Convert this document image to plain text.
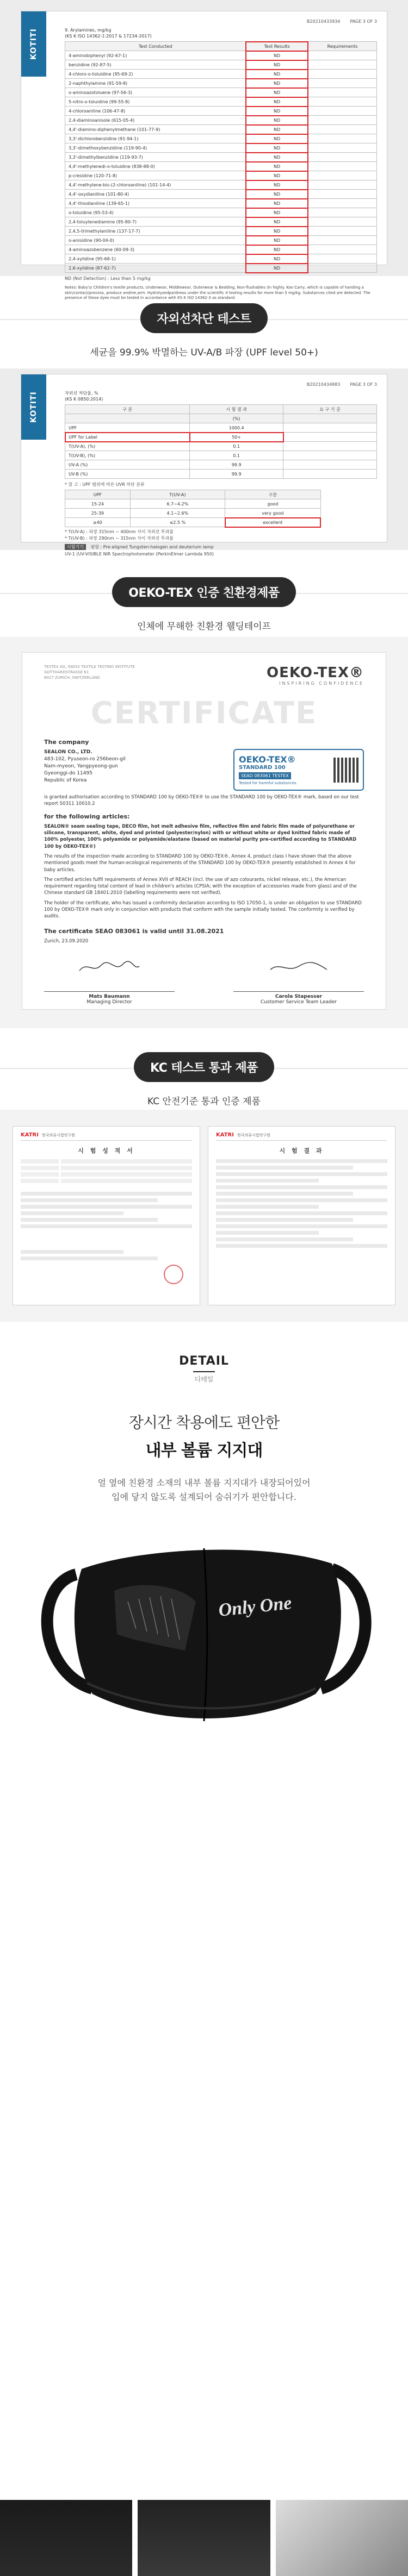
KOTITI
B20210433934 PAGE 3 OF 3
9. Arylamines, mg/kg
(KS K ISO 14362-1:2017 & 17234-2017)
Test Conducted	Test Results	Requirements
4-aminobiphenyl (92-67-1)	ND	
benzidine (92-87-5)	ND	
4-chloro-o-toluidine (95-69-2)	ND	
2-naphthylamine (91-59-8)	ND	
o-aminoazotoluene (97-56-3)	ND	
5-nitro-o-toluidine (99-55-8)	ND	
4-chloroaniline (106-47-8)	ND	
2,4-diaminoanisole (615-05-4)	ND	
4,4'-diamino-diphenylmethane (101-77-9)	ND	
3,3'-dichlorobenzidine (91-94-1)	ND	
3,3'-dimethoxybenzidine (119-90-4)	ND	
3,3'-dimethylbenzidine (119-93-7)	ND	
4,4'-methylenedi-o-toluidine (838-88-0)	ND	
p-cresidine (120-71-8)	ND	
4,4'-methylene-bis-(2-chloroaniline) (101-14-4)	ND	
4,4'-oxydianiline (101-80-4)	ND	
4,4'-thiodianiline (139-65-1)	ND	
o-toluidine (95-53-4)	ND	
2,4-toluylenediamine (95-80-7)	ND	
2,4,5-trimethylaniline (137-17-7)	ND	
o-anisidine (90-04-0)	ND	
4-aminoazobenzene (60-09-3)	ND	
2,4-xylidine (95-68-1)	ND	
2,6-xylidine (87-62-7)	ND	
ND (Not Detection) : Less than 5 mg/kg
Notes: Baby's/ Children's textile products, Underwear, Middlewear, Outerwear & Bedding, Non-flushables (In highly. Koo Carry, which is capable of handing a skin/contact/process, produce andme,arm. Hydrolyzedpardness under the scientific 4 testing results for more than 5 mg/kg. Substances cited are detected. The presence of these dyes must be tested in accordance with KS K ISO 14362-3 as standard.
자외선차단 테스트
세균을 99.9% 박멸하는 UV-A/B 파장 (UPF level 50+)
KOTITI
B20210434883 PAGE 3 OF 3
자외선 차단율, %
(KS K 0850:2014)
구 분	시 험 결 과	요 구 기 준
	(%)	
UPF	1000.4	
UPF for Label	50+	
T(UV-A), (%)	0.1	
T(UV-B), (%)	0.1	
UV-A (%)	99.9	
UV-B (%)	99.9	
* 참 고 : UPF 범위에 따른 UVR 차단 분류
UPF	T(UV-A)	구분
15-24	6.7~4.2%	good
25-39	4.1~2.6%	very good
≥40	≤2.5 %	excellent
* T(UV-A) : 파장 315nm ~ 400nm 사이 자외선 투과율
* T(UV-B) : 파장 290nm ~ 315nm 사이 자외선 투과율
시험기기 광원 : Pre-aligned Tungsten-halogen and deuterium lamp
UV-1 (UV-VISIBLE NIR Spectrophotometer (PerkinElmer Lambda 950)
OEKO-TEX 인증 친환경제품
인체에 무해한 친환경 웰딩테이프
TESTEX AG, SWISS TEXTILE TESTING INSTITUTE
GOTTHARDSTRASSE 61
8027 ZURICH, SWITZERLAND	OEKO-TEX®
INSPIRING CONFIDENCE
CERTIFICATE
The company
SEALON CO., LTD.
483-102, Pyuseon-ro 256beon-gil
Nam-myeon, Yangpyeong-gun
Gyeonggi-do 11495
Republic of Korea
OEKO-TEX®
STANDARD 100
SEAO 083061 TESTEX
Tested for harmful substances.
is granted authorisation according to STANDARD 100 by OEKO-TEX® to use the STANDARD 100 by OEKO-TEX® mark, based on our test report S0311 10010.2
for the following articles:
SEALON® seam sealing tape, DECO film, hot melt adhesive film, reflective film and fabric film made of polyurethane or silicone, transparent, white, dyed and printed (polyester/nylon) with or without white or dyed knitted fabric made of 100% polyester, 100% polyamide or polyamide/elastane (based on material purity pre-certified according to STANDARD 100 by OEKO-TEX®)
The results of the inspection made according to STANDARD 100 by OEKO-TEX®, Annex 4, product class I have shown that the above mentioned goods meet the human-ecological requirements of the STANDARD 100 by OEKO-TEX® presently established in Annex 4 for baby articles.
The certified articles fulfil requirements of Annex XVII of REACH (incl. the use of azo colourants, nickel release, etc.), the American requirement regarding total content of lead in children's articles (CPSIA; with the exception of accessories made from glass) and of the Chinese standard GB 18401:2010 (labelling requirements were not verified).
The holder of the certificate, who has issued a conformity declaration according to ISO 17050-1, is under an obligation to use STANDARD 100 by OEKO-TEX® mark only in conjunction with products that conform with the sample initially tested. The conformity is verified by audits.
The certificate SEAO 083061 is valid until 31.08.2021
Zurich, 23.09.2020
Mats Baumann
Managing Director
Carola Stapesser
Customer Service Team Leader
KC 테스트 통과 제품
KC 안전기준 통과 인증 제품
KATRI 한국의류시험연구원
시 험 성 적 서
KATRI 한국의류시험연구원
시 험 결 과
DETAIL
디테일
장시간 착용에도 편안한
내부 볼륨 지지대
얼 옆에 친환경 소재의 내부 볼륨 지지대가 내장되어있어
입에 닿지 않도록 설계되어 숨쉬기가 편안합니다.
Only One
